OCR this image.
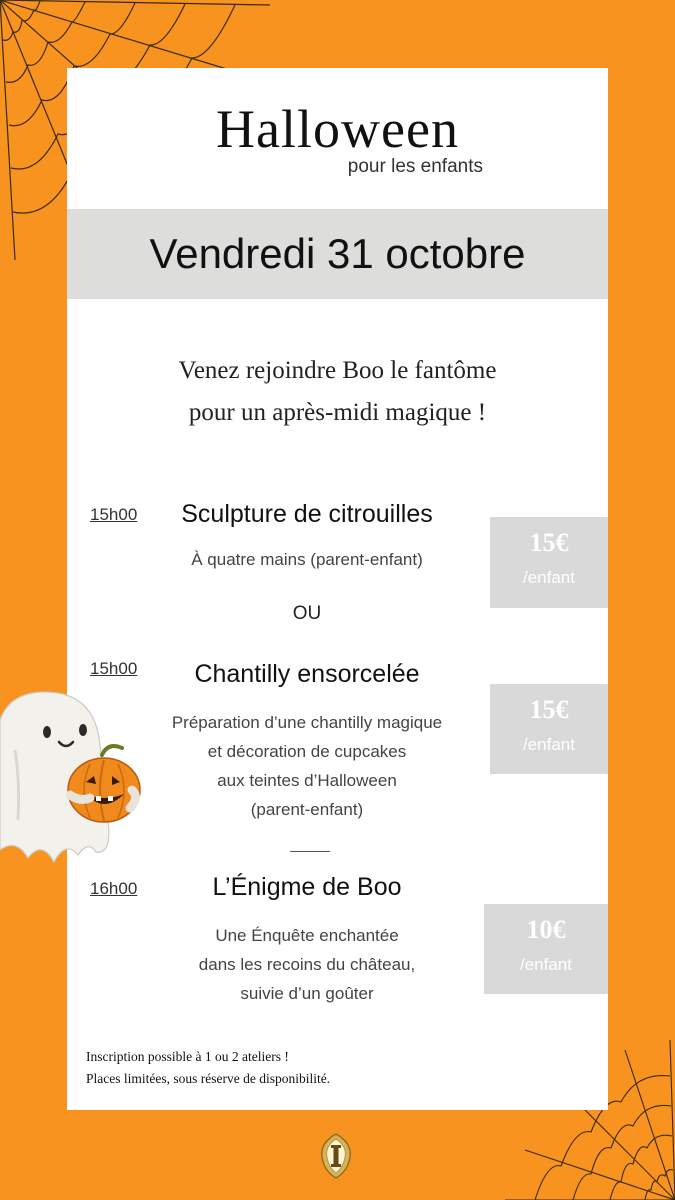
Halloween
pour les enfants
Vendredi 31 octobre
Venez rejoindre Boo le fantôme
pour un après-midi magique !
15h00	Sculpture de citrouilles
À quatre mains (parent-enfant)
15€
/enfant
OU
15h00	Chantilly ensorcelée
Préparation d’une chantilly magique
et décoration de cupcakes
aux teintes d’Halloween
(parent-enfant)
15€
/enfant
16h00	L’Énigme de Boo
Une Énquête enchantée
dans les recoins du château,
suivie d’un goûter
10€
/enfant
Inscription possible à 1 ou 2 ateliers !
Places limitées, sous réserve de disponibilité.
